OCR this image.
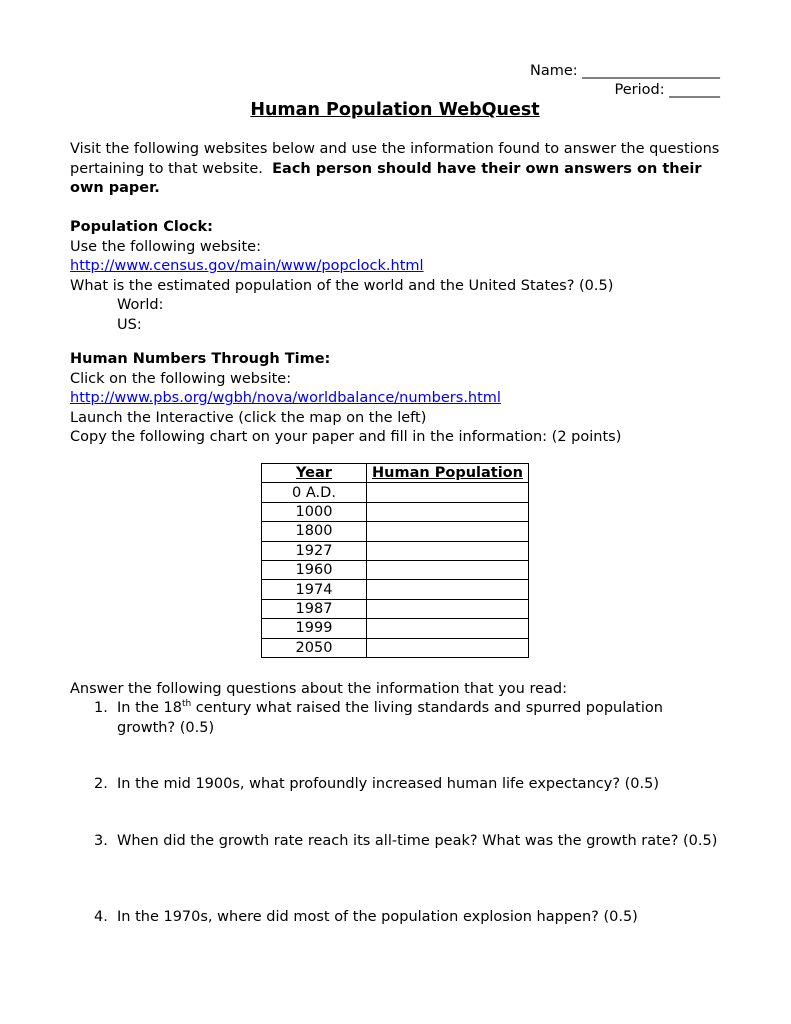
Name: ___________________
Period: _______
Human Population WebQuest
Visit the following websites below and use the information found to answer the questions pertaining to that website. Each person should have their own answers on their own paper.
Population Clock:
Use the following website:
http://www.census.gov/main/www/popclock.html
What is the estimated population of the world and the United States? (0.5)
World:
US:
Human Numbers Through Time:
Click on the following website:
http://www.pbs.org/wgbh/nova/worldbalance/numbers.html
Launch the Interactive (click the map on the left)
Copy the following chart on your paper and fill in the information: (2 points)
Year	Human Population
0 A.D.	
1000	
1800	
1927	
1960	
1974	
1987	
1999	
2050	
Answer the following questions about the information that you read:
1. In the 18th century what raised the living standards and spurred population growth? (0.5)
2. In the mid 1900s, what profoundly increased human life expectancy? (0.5)
3. When did the growth rate reach its all-time peak? What was the growth rate? (0.5)
4. In the 1970s, where did most of the population explosion happen? (0.5)
